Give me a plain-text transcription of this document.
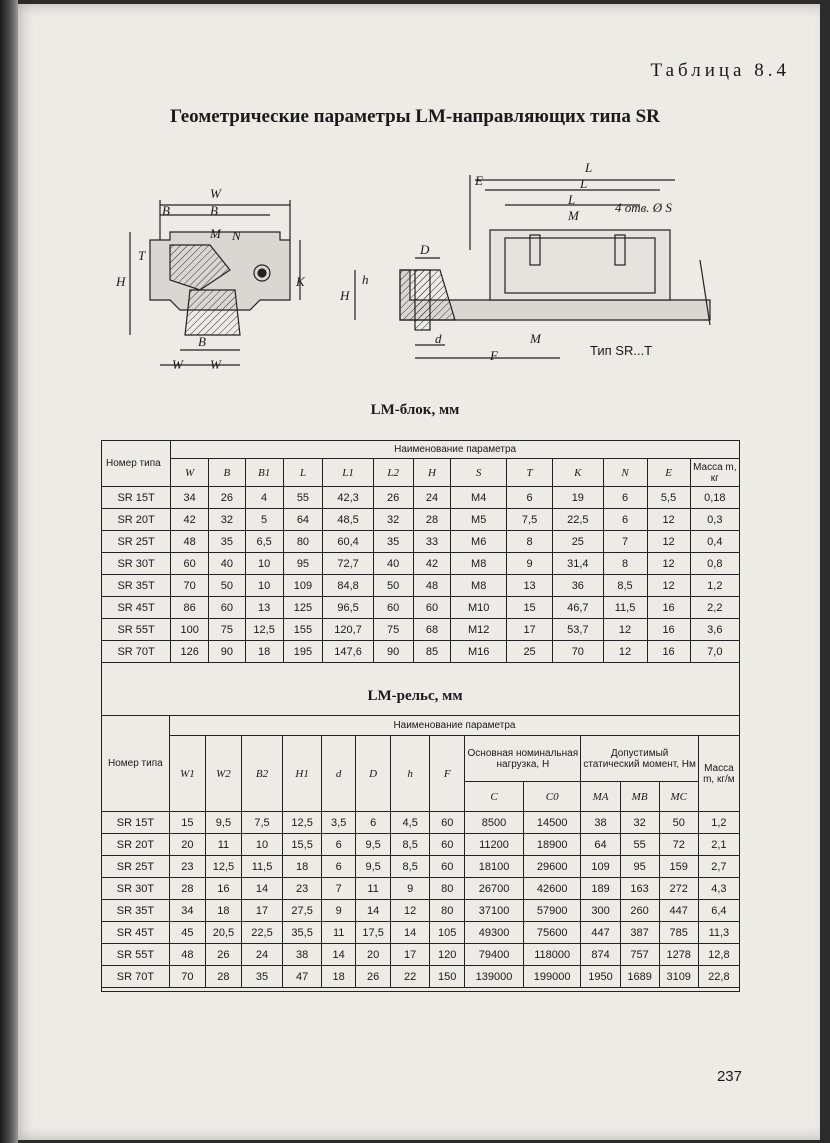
Таблица 8.4
Геометрические параметры LM-направляющих типа SR
W
B	B
M N
T
H	K
B
W W
L
E	L
L
M
4 отв. Ø S
D
h
H
d	M
F	Тип SR...T
LM-блок, мм
Номер типа	Наименование параметра												
	W	B	B1	L	L1	L2	H	S	T	K	N	E	Масса m, кг
SR 15T	34	26	4	55	42,3	26	24	M4	6	19	6	5,5	0,18
SR 20T	42	32	5	64	48,5	32	28	M5	7,5	22,5	6	12	0,3
SR 25T	48	35	6,5	80	60,4	35	33	M6	8	25	7	12	0,4
SR 30T	60	40	10	95	72,7	40	42	M8	9	31,4	8	12	0,8
SR 35T	70	50	10	109	84,8	50	48	M8	13	36	8,5	12	1,2
SR 45T	86	60	13	125	96,5	60	60	M10	15	46,7	11,5	16	2,2
SR 55T	100	75	12,5	155	120,7	75	68	M12	17	53,7	12	16	3,6
SR 70T	126	90	18	195	147,6	90	85	M16	25	70	12	16	7,0
LM-рельс, мм
Номер типа	Наименование параметра													
	W1	W2	B2	H1	d	D	h	F	Основная номинальная нагрузка, Н		Допустимый статический момент, Нм			Масса m, кг/м
									C	C0	MA	MB	MC	
SR 15T	15	9,5	7,5	12,5	3,5	6	4,5	60	8500	14500	38	32	50	1,2
SR 20T	20	11	10	15,5	6	9,5	8,5	60	11200	18900	64	55	72	2,1
SR 25T	23	12,5	11,5	18	6	9,5	8,5	60	18100	29600	109	95	159	2,7
SR 30T	28	16	14	23	7	11	9	80	26700	42600	189	163	272	4,3
SR 35T	34	18	17	27,5	9	14	12	80	37100	57900	300	260	447	6,4
SR 45T	45	20,5	22,5	35,5	11	17,5	14	105	49300	75600	447	387	785	11,3
SR 55T	48	26	24	38	14	20	17	120	79400	118000	874	757	1278	12,8
SR 70T	70	28	35	47	18	26	22	150	139000	199000	1950	1689	3109	22,8
237
